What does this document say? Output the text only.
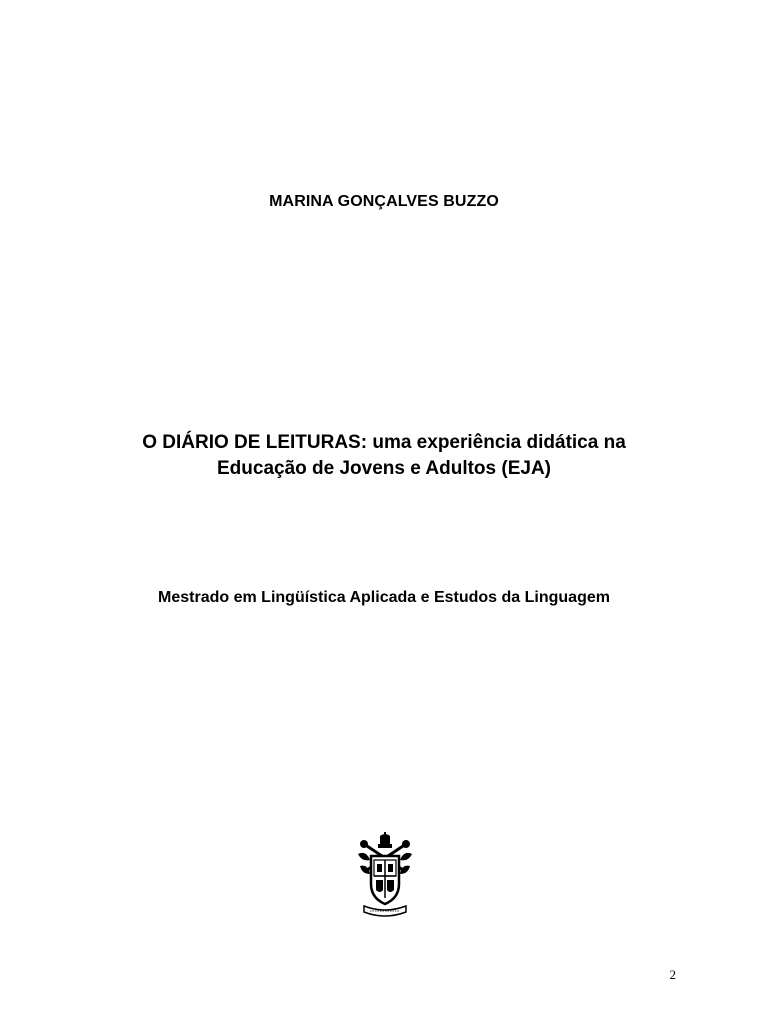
MARINA GONÇALVES BUZZO
O DIÁRIO DE LEITURAS: uma experiência didática na
Educação de Jovens e Adultos (EJA)
Mestrado em Lingüística Aplicada e Estudos da Linguagem
2
